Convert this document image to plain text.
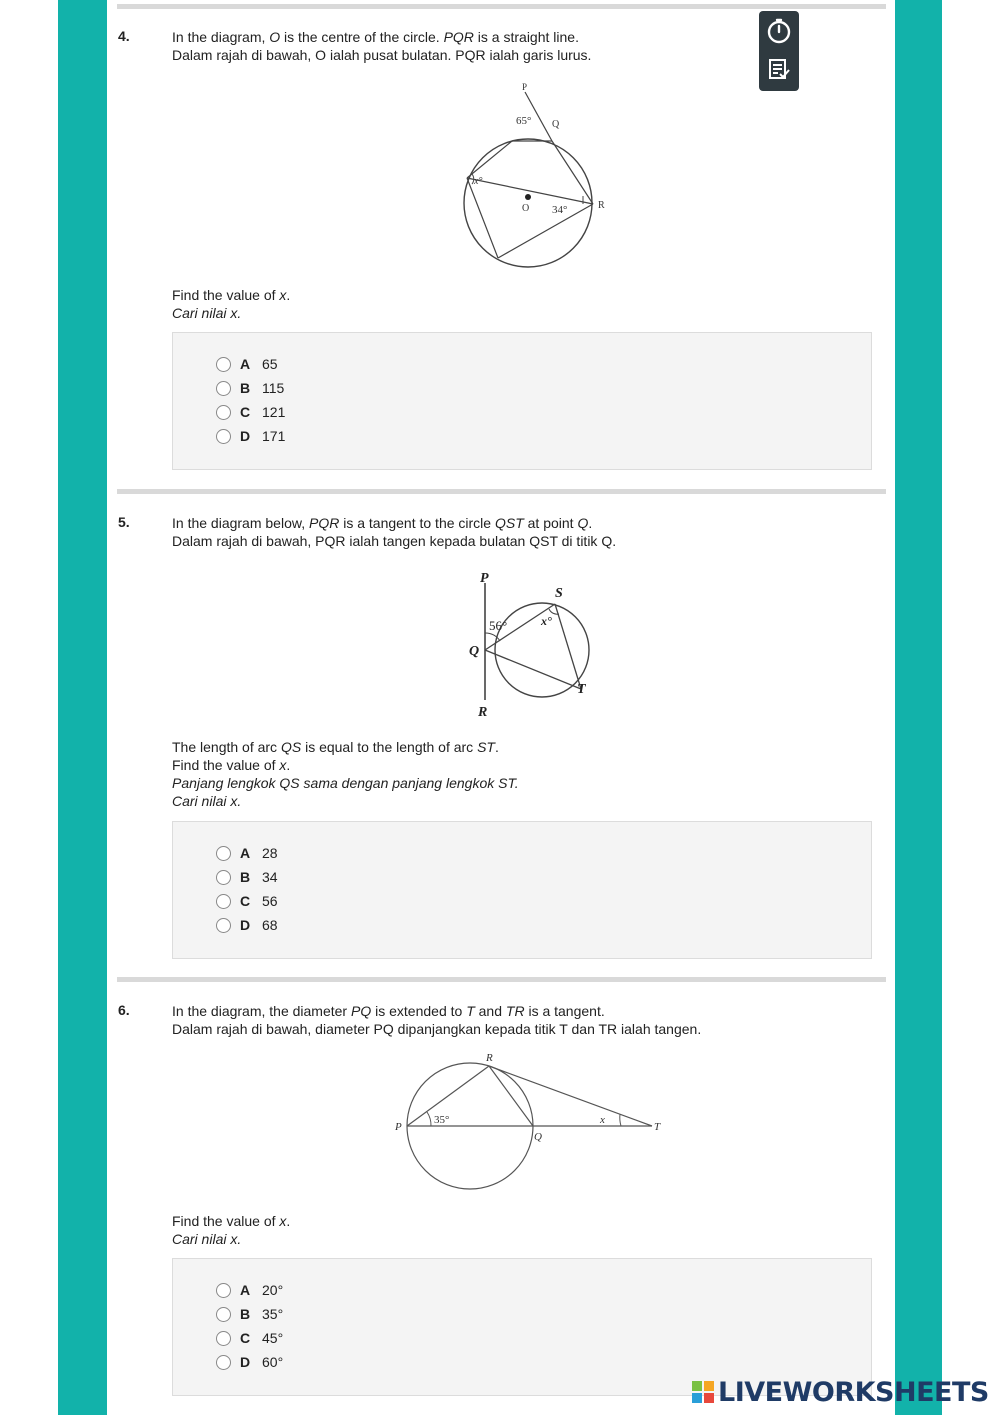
4.	In the diagram, O is the centre of the circle. PQR is a straight line.
Dalam rajah di bawah, O ialah pusat bulatan. PQR ialah garis lurus.
P
Q
R
O
65°
34°
x°
Find the value of x.
Cari nilai x.
A 65
B 115
C 121
D 171
5.	In the diagram below, PQR is a tangent to the circle QST at point Q.
Dalam rajah di bawah, PQR ialah tangen kepada bulatan QST di titik Q.
P
S
Q
T
R
56°	x°
The length of arc QS is equal to the length of arc ST.
Find the value of x.
Panjang lengkok QS sama dengan panjang lengkok ST.
Cari nilai x.
A 28
B 34
C 56
D 68
6.	In the diagram, the diameter PQ is extended to T and TR is a tangent.
Dalam rajah di bawah, diameter PQ dipanjangkan kepada titik T dan TR ialah tangen.
R
P
Q
T
35°	x
Find the value of x.
Cari nilai x.
A 20°
B 35°
C 45°
D 60°
LIVEWORKSHEETS
